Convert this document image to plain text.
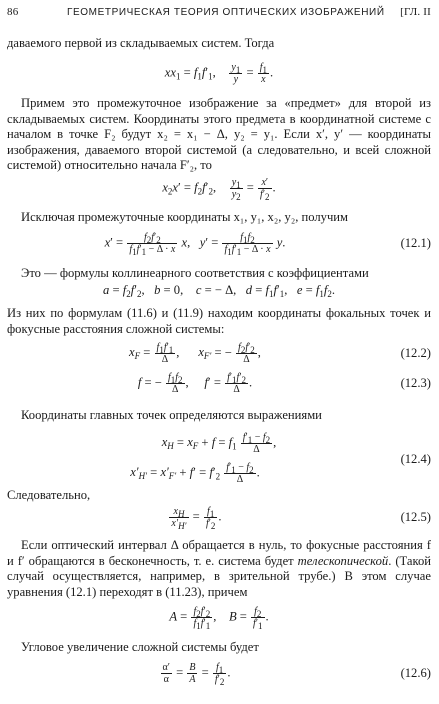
86	ГЕОМЕТРИЧЕСКАЯ ТЕОРИЯ ОПТИЧЕСКИХ ИЗОБРАЖЕНИЙ [ГЛ. II
даваемого первой из складываемых систем. Тогда
$xx_1 = f_1f'_1$, $\frac{y_1}{y} = \frac{f_1}{x}$ .
Примем это промежуточное изображение за «предмет» для второй из складываемых систем. Координаты этого предмета в координатной системе с началом в точке F₂ будут x₂ = x₁ − Δ, y₂ = y₁. Если x′, y′ — координаты изображения, даваемого второй системой (а следовательно, и всей сложной системой) относительно начала F′₂, то
$x_2x' = f_2f'_2$, $\frac{y_1}{y_2} = \frac{x'}{f'_2}$ .
Исключая промежуточные координаты x₁, y₁, x₂, y₂, получим
$x' = \frac{f_2f'_2}{f_1f'_1 - \Delta \cdot x} x$,   $y' = \frac{f_1f_2}{f_1f'_1 - \Delta \cdot x} y$.	(12.1)
Это — формулы коллинеарного соответствия с коэффициентами
$a = f_2f'_2$,   b = 0,    c = − Δ,   $d = f_1f'_1$,   $e = f_1f_2$.
Из них по формулам (11.6) и (11.9) находим координаты фокальных точек и фокусные расстояния сложной системы:
$x_F = \frac{f_1f'_1}{\Delta}$ ,      $x_{F'}$ = − $\frac{f_2f'_2}{\Delta}$ ,	(12.2)
f = − $\frac{f_1f_2}{\Delta}$ ,     $f' = \frac{f'_1f'_2}{\Delta}$ .	(12.3)
Координаты главных точек определяются выражениями
$x_H = x_F + f = f_1 \frac{f'_1 - f_2}{\Delta}$ ,
$x'_{H'} = x'_{F'} + f' = f'_2 \frac{f'_1 - f_2}{\Delta}$ .
(12.4)
Следовательно,
$\frac{x_H}{x'_{H'}} = \frac{f_1}{f'_2}$ .	(12.5)
Если оптический интервал Δ обращается в нуль, то фокусные расстояния f и f′ обращаются в бесконечность, т. е. система будет телескопической. (Такой случай осуществляется, например, в зрительной трубе.) В этом случае уравнения (12.1) переходят в (11.23), причем
$A = \frac{f_2f'_2}{f_1f'_1}$ ,    $B = \frac{f_2}{f'_1}$ .
Угловое увеличение сложной системы будет
$\frac{\alpha'}{\alpha} = \frac{B}{A} = \frac{f_1}{f'_2}$ .	(12.6)
